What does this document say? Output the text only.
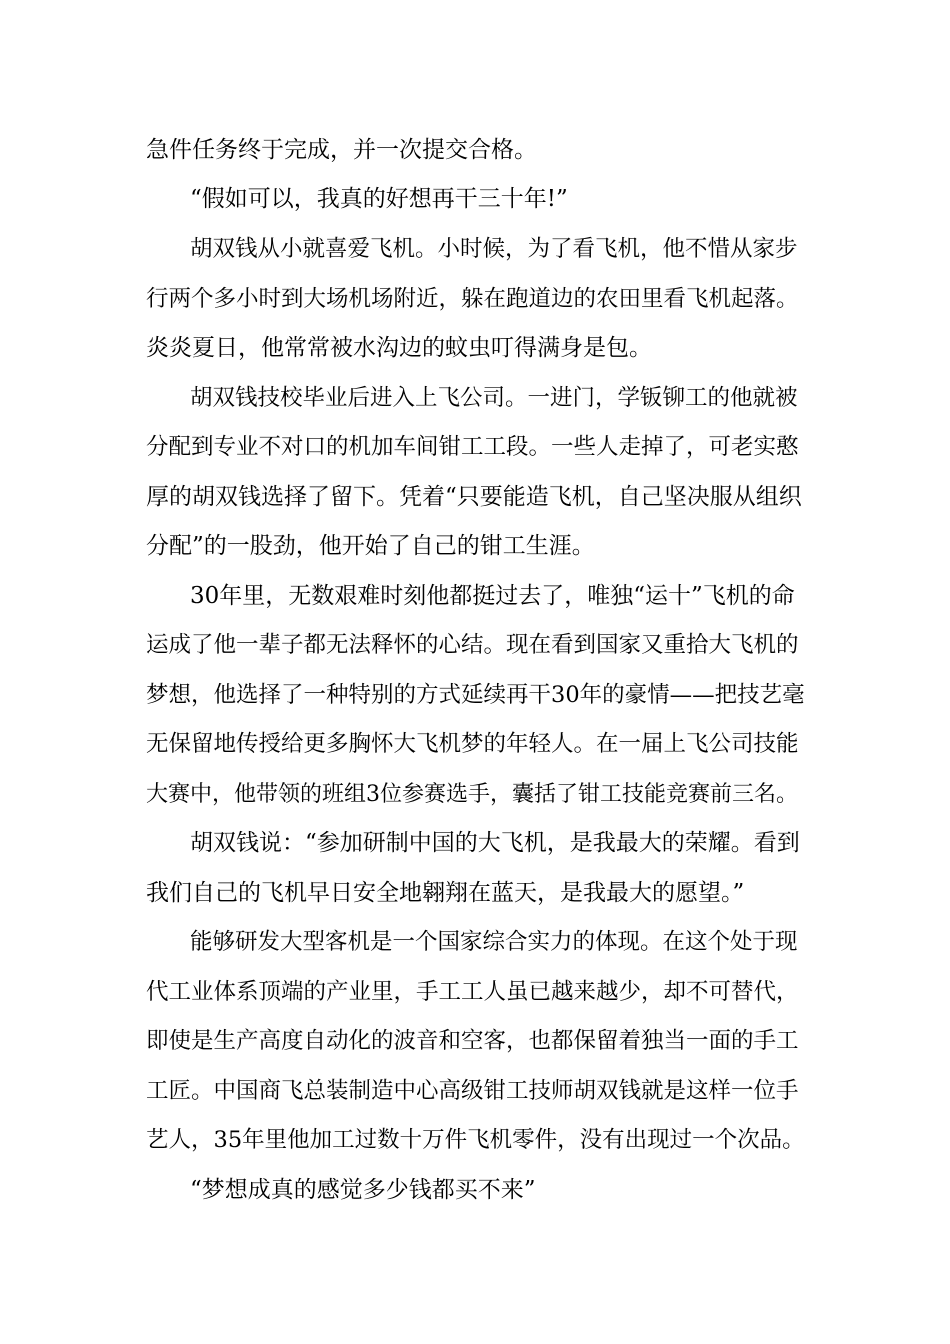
急件任务终于完成，并一次提交合格。

“假如可以，我真的好想再干三十年!”

胡双钱从小就喜爱飞机。小时候，为了看飞机，他不惜从家步

行两个多小时到大场机场附近，躲在跑道边的农田里看飞机起落。

炎炎夏日，他常常被水沟边的蚊虫叮得满身是包。

胡双钱技校毕业后进入上飞公司。一进门，学钣铆工的他就被

分配到专业不对口的机加车间钳工工段。一些人走掉了，可老实憨

厚的胡双钱选择了留下。凭着“只要能造飞机，自己坚决服从组织

分配”的一股劲，他开始了自己的钳工生涯。

30年里，无数艰难时刻他都挺过去了，唯独“运十”飞机的命

运成了他一辈子都无法释怀的心结。现在看到国家又重拾大飞机的

梦想，他选择了一种特别的方式延续再干30年的豪情——把技艺毫

无保留地传授给更多胸怀大飞机梦的年轻人。在一届上飞公司技能

大赛中，他带领的班组3位参赛选手，囊括了钳工技能竞赛前三名。

胡双钱说：“参加研制中国的大飞机，是我最大的荣耀。看到

我们自己的飞机早日安全地翱翔在蓝天，是我最大的愿望。”

能够研发大型客机是一个国家综合实力的体现。在这个处于现

代工业体系顶端的产业里，手工工人虽已越来越少，却不可替代，

即使是生产高度自动化的波音和空客，也都保留着独当一面的手工

工匠。中国商飞总装制造中心高级钳工技师胡双钱就是这样一位手

艺人，35年里他加工过数十万件飞机零件，没有出现过一个次品。

“梦想成真的感觉多少钱都买不来”
